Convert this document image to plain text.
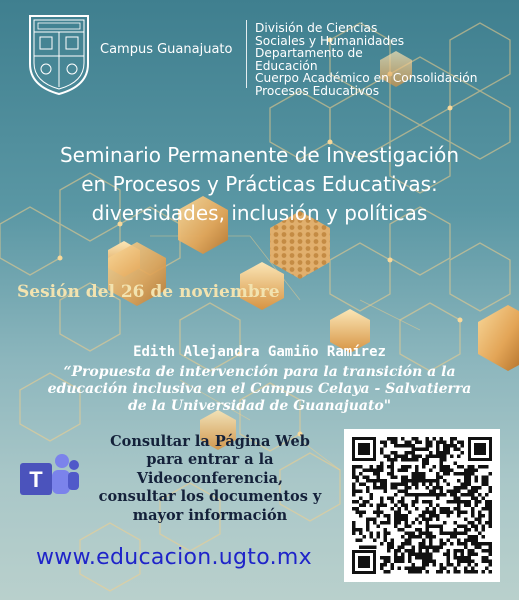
Campus Guanajuato
División de Ciencias
Sociales y Humanidades
Departamento de
Educación
Cuerpo Académico en Consolidación
Procesos Educativos
Seminario Permanente de Investigación
en Procesos y Prácticas Educativas:
diversidades, inclusión y políticas
Sesión del 26 de noviembre
Edith Alejandra Gamiño Ramírez
“Propuesta de intervención para la transición a la
educación inclusiva en el Campus Celaya - Salvatierra
de la Universidad de Guanajuato"
T
Consultar la Página Web
para entrar a la
Videoconferencia,
consultar los documentos y
mayor información
www.educacion.ugto.mx
